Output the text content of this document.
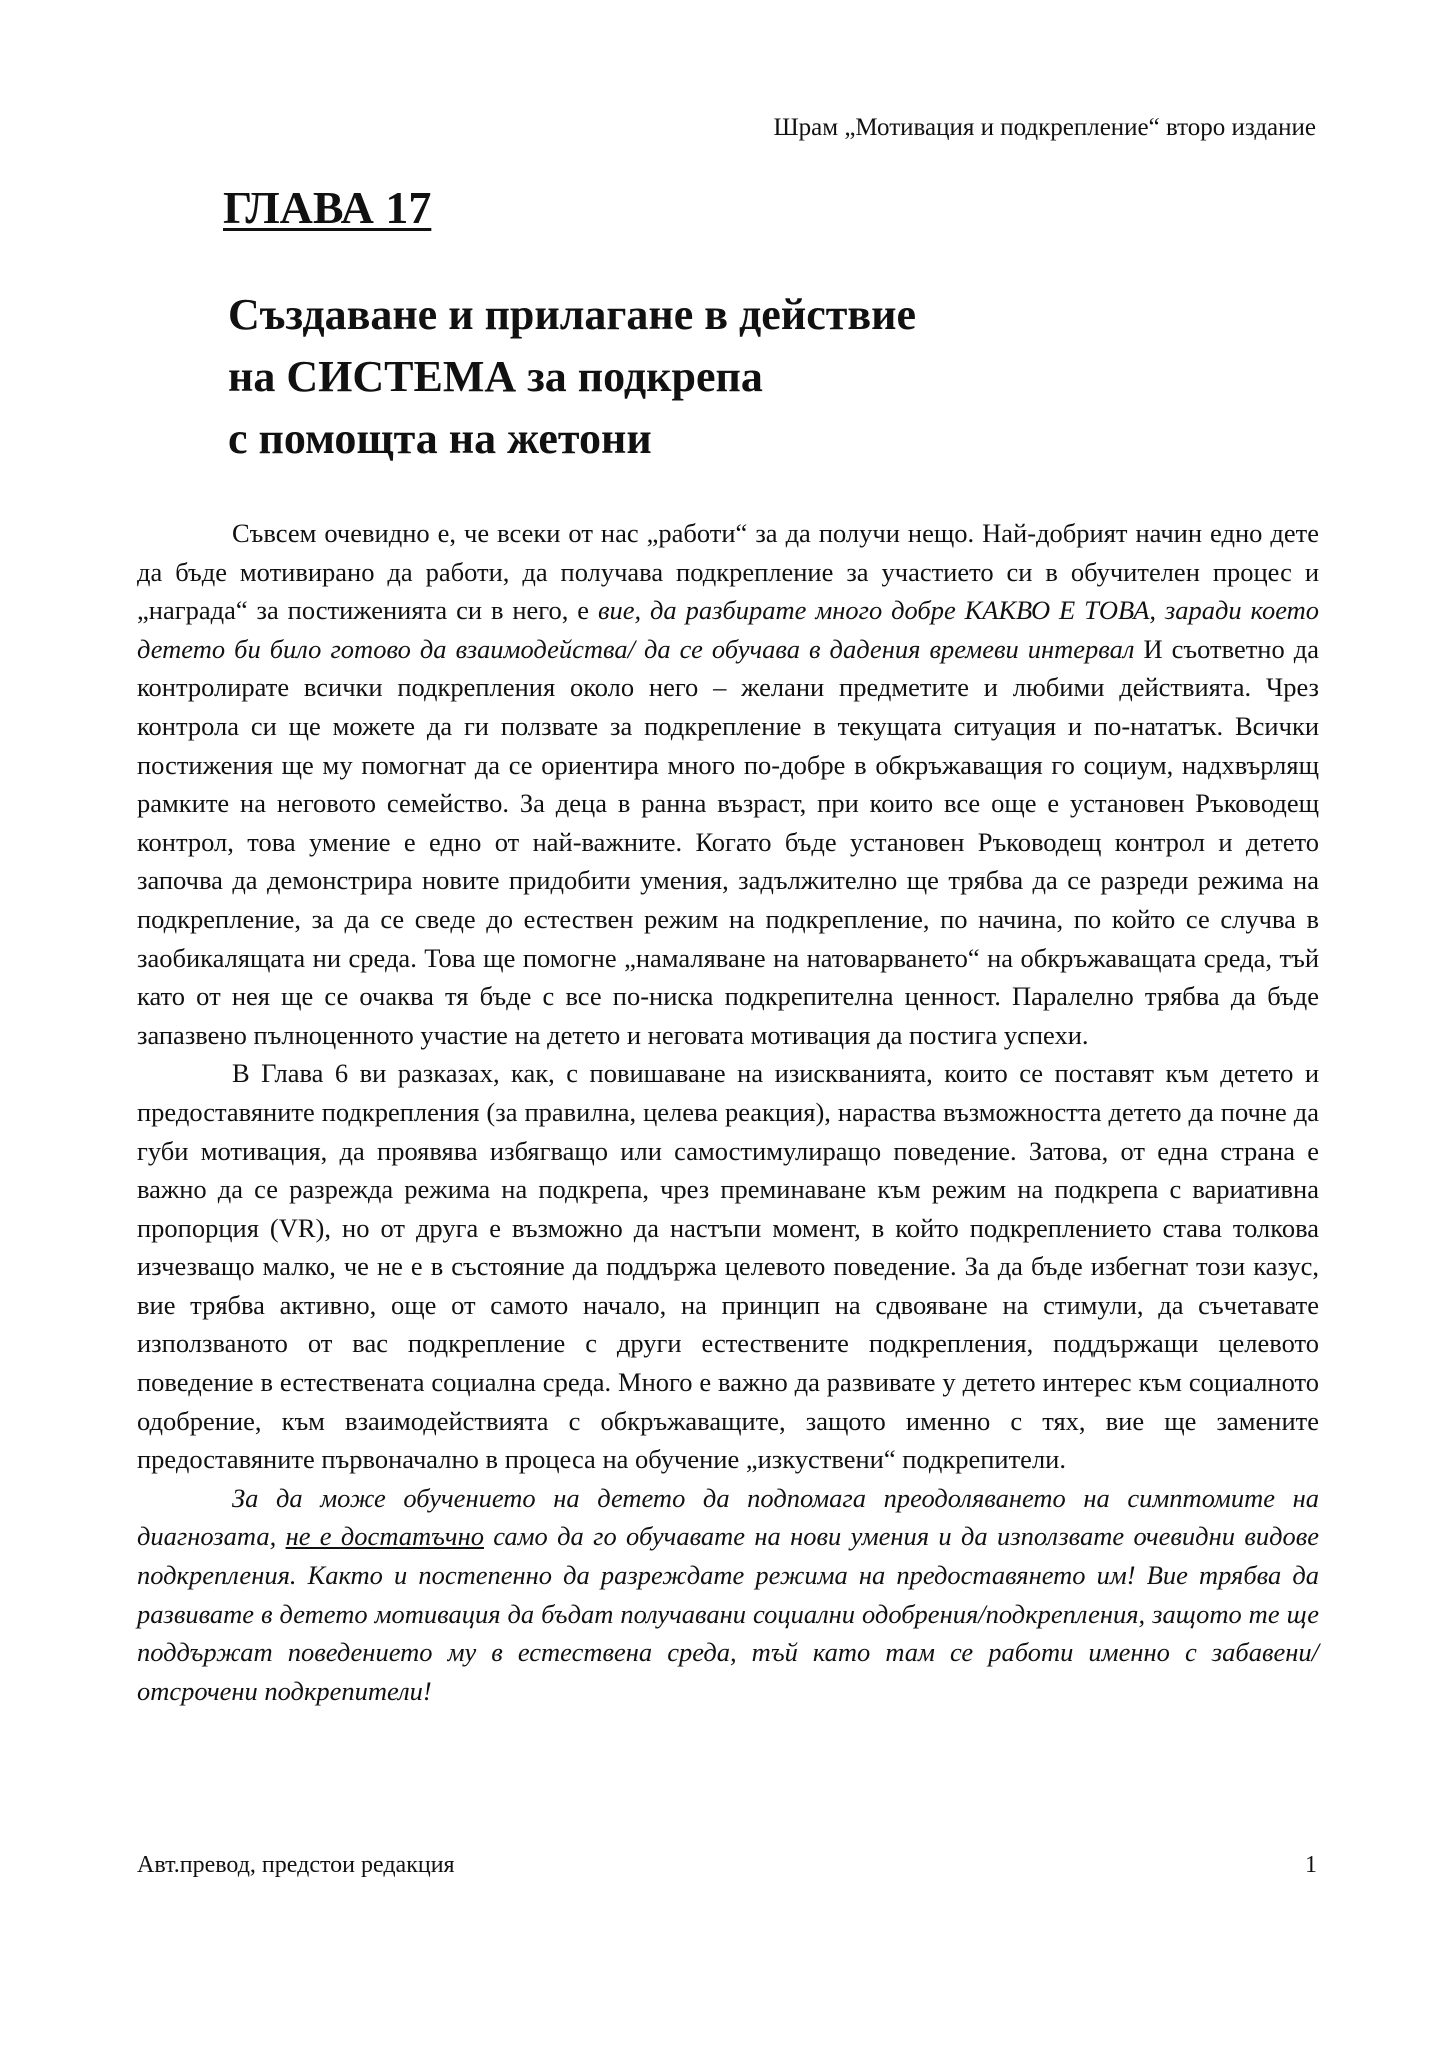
Шрам „Мотивация и подкрепление“ второ издание
ГЛАВА 17
Създаване и прилагане в действие
на СИСТЕМА за подкрепа
с помощта на жетони

Съвсем очевидно е, че всеки от нас „работи“ за да получи нещо. Най-добрият начин едно дете да бъде мотивирано да работи, да получава подкрепление за участието си в обучителен процес и „награда“ за постиженията си в него, е вие, да разбирате много добре КАКВО Е ТОВА, заради което детето би било готово да взаимодейства/ да се обучава в дадения времеви интервал И съответно да контролирате всички подкрепления около него – желани предметите и любими действията. Чрез контрола си ще можете да ги ползвате за подкрепление в текущата ситуация и по-нататък. Всички постижения ще му помогнат да се ориентира много по-добре в обкръжаващия го социум, надхвърлящ рамките на неговото семейство. За деца в ранна възраст, при които все още е установен Ръководещ контрол, това умение е едно от най-важните. Когато бъде установен Ръководещ контрол и детето започва да демонстрира новите придобити умения, задължително ще трябва да се разреди режима на подкрепление, за да се сведе до естествен режим на подкрепление, по начина, по който се случва в заобикалящата ни среда. Това ще помогне „намаляване на натоварването“ на обкръжаващата среда, тъй като от нея ще се очаква тя бъде с все по-ниска подкрепителна ценност. Паралелно трябва да бъде запазвено пълноценното участие на детето и неговата мотивация да постига успехи.

В Глава 6 ви разказах, как, с повишаване на изискванията, които се поставят към детето и предоставяните подкрепления (за правилна, целева реакция), нараства възможността детето да почне да губи мотивация, да проявява избягващо или самостимулиращо поведение. Затова, от една страна е важно да се разрежда режима на подкрепа, чрез преминаване към режим на подкрепа с вариативна пропорция (VR), но от друга е възможно да настъпи момент, в който подкреплението става толкова изчезващо малко, че не е в състояние да поддържа целевото поведение. За да бъде избегнат този казус, вие трябва активно, още от самото начало, на принцип на сдвояване на стимули, да съчетавате използваното от вас подкрепление с други естествените подкрепления, поддържащи целевото поведение в естествената социална среда. Много е важно да развивате у детето интерес към социалното одобрение, към взаимодействията с обкръжаващите, защото именно с тях, вие ще замените предоставяните първоначално в процеса на обучение „изкуствени“ подкрепители.

За да може обучението на детето да подпомага преодоляването на симптомите на диагнозата, не е достатъчно само да го обучавате на нови умения и да използвате очевидни видове подкрепления. Както и постепенно да разреждате режима на предоставянето им! Вие трябва да развивате в детето мотивация да бъдат получавани социални одобрения/подкрепления, защото те ще поддържат поведението му в естествена среда, тъй като там се работи именно с забавени/отсрочени подкрепители!

Авт.превод, предстои редакция	1
